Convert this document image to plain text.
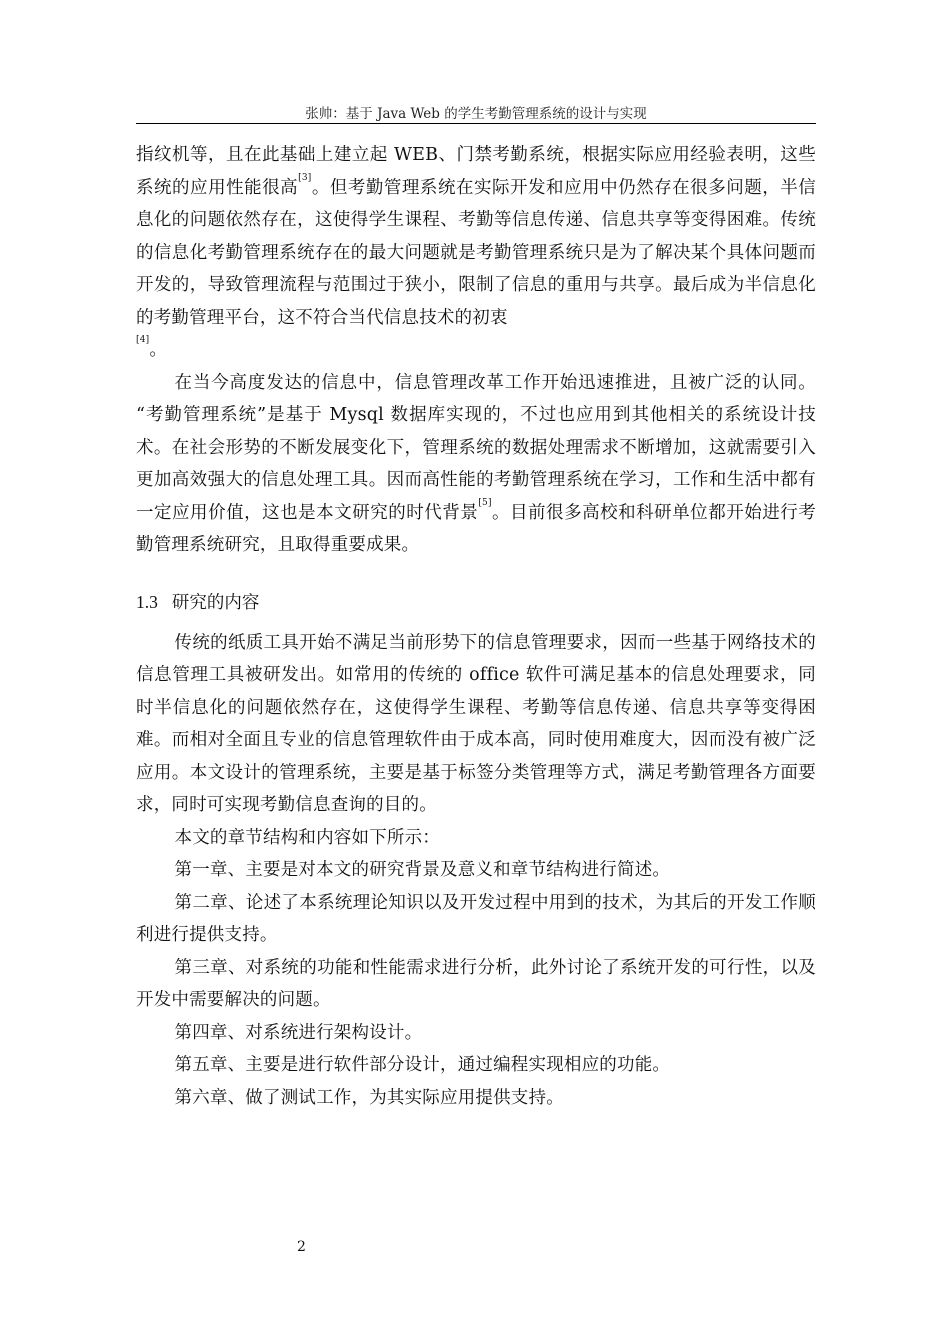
张帅：基于 Java Web 的学生考勤管理系统的设计与实现

指纹机等，且在此基础上建立起 WEB、门禁考勤系统，根据实际应用经验表明，这些系统的应用性能很高[3]。但考勤管理系统在实际开发和应用中仍然存在很多问题，半信息化的问题依然存在，这使得学生课程、考勤等信息传递、信息共享等变得困难。传统的信息化考勤管理系统存在的最大问题就是考勤管理系统只是为了解决某个具体问题而开发的，导致管理流程与范围过于狭小，限制了信息的重用与共享。最后成为半信息化的考勤管理平台，这不符合当代信息技术的初衷
[4]。

在当今高度发达的信息中，信息管理改革工作开始迅速推进，且被广泛的认同。 “考勤管理系统”是基于 Mysql 数据库实现的，不过也应用到其他相关的系统设计技术。在社会形势的不断发展变化下，管理系统的数据处理需求不断增加，这就需要引入更加高效强大的信息处理工具。因而高性能的考勤管理系统在学习，工作和生活中都有一定应用价值，这也是本文研究的时代背景[5]。目前很多高校和科研单位都开始进行考勤管理系统研究，且取得重要成果。

1.3 研究的内容

传统的纸质工具开始不满足当前形势下的信息管理要求，因而一些基于网络技术的信息管理工具被研发出。如常用的传统的 office 软件可满足基本的信息处理要求，同时半信息化的问题依然存在，这使得学生课程、考勤等信息传递、信息共享等变得困难。而相对全面且专业的信息管理软件由于成本高，同时使用难度大，因而没有被广泛应用。本文设计的管理系统，主要是基于标签分类管理等方式，满足考勤管理各方面要求，同时可实现考勤信息查询的目的。

本文的章节结构和内容如下所示：

第一章、主要是对本文的研究背景及意义和章节结构进行简述。

第二章、论述了本系统理论知识以及开发过程中用到的技术，为其后的开发工作顺利进行提供支持。

第三章、对系统的功能和性能需求进行分析，此外讨论了系统开发的可行性，以及开发中需要解决的问题。

第四章、对系统进行架构设计。

第五章、主要是进行软件部分设计，通过编程实现相应的功能。

第六章、做了测试工作，为其实际应用提供支持。

2
